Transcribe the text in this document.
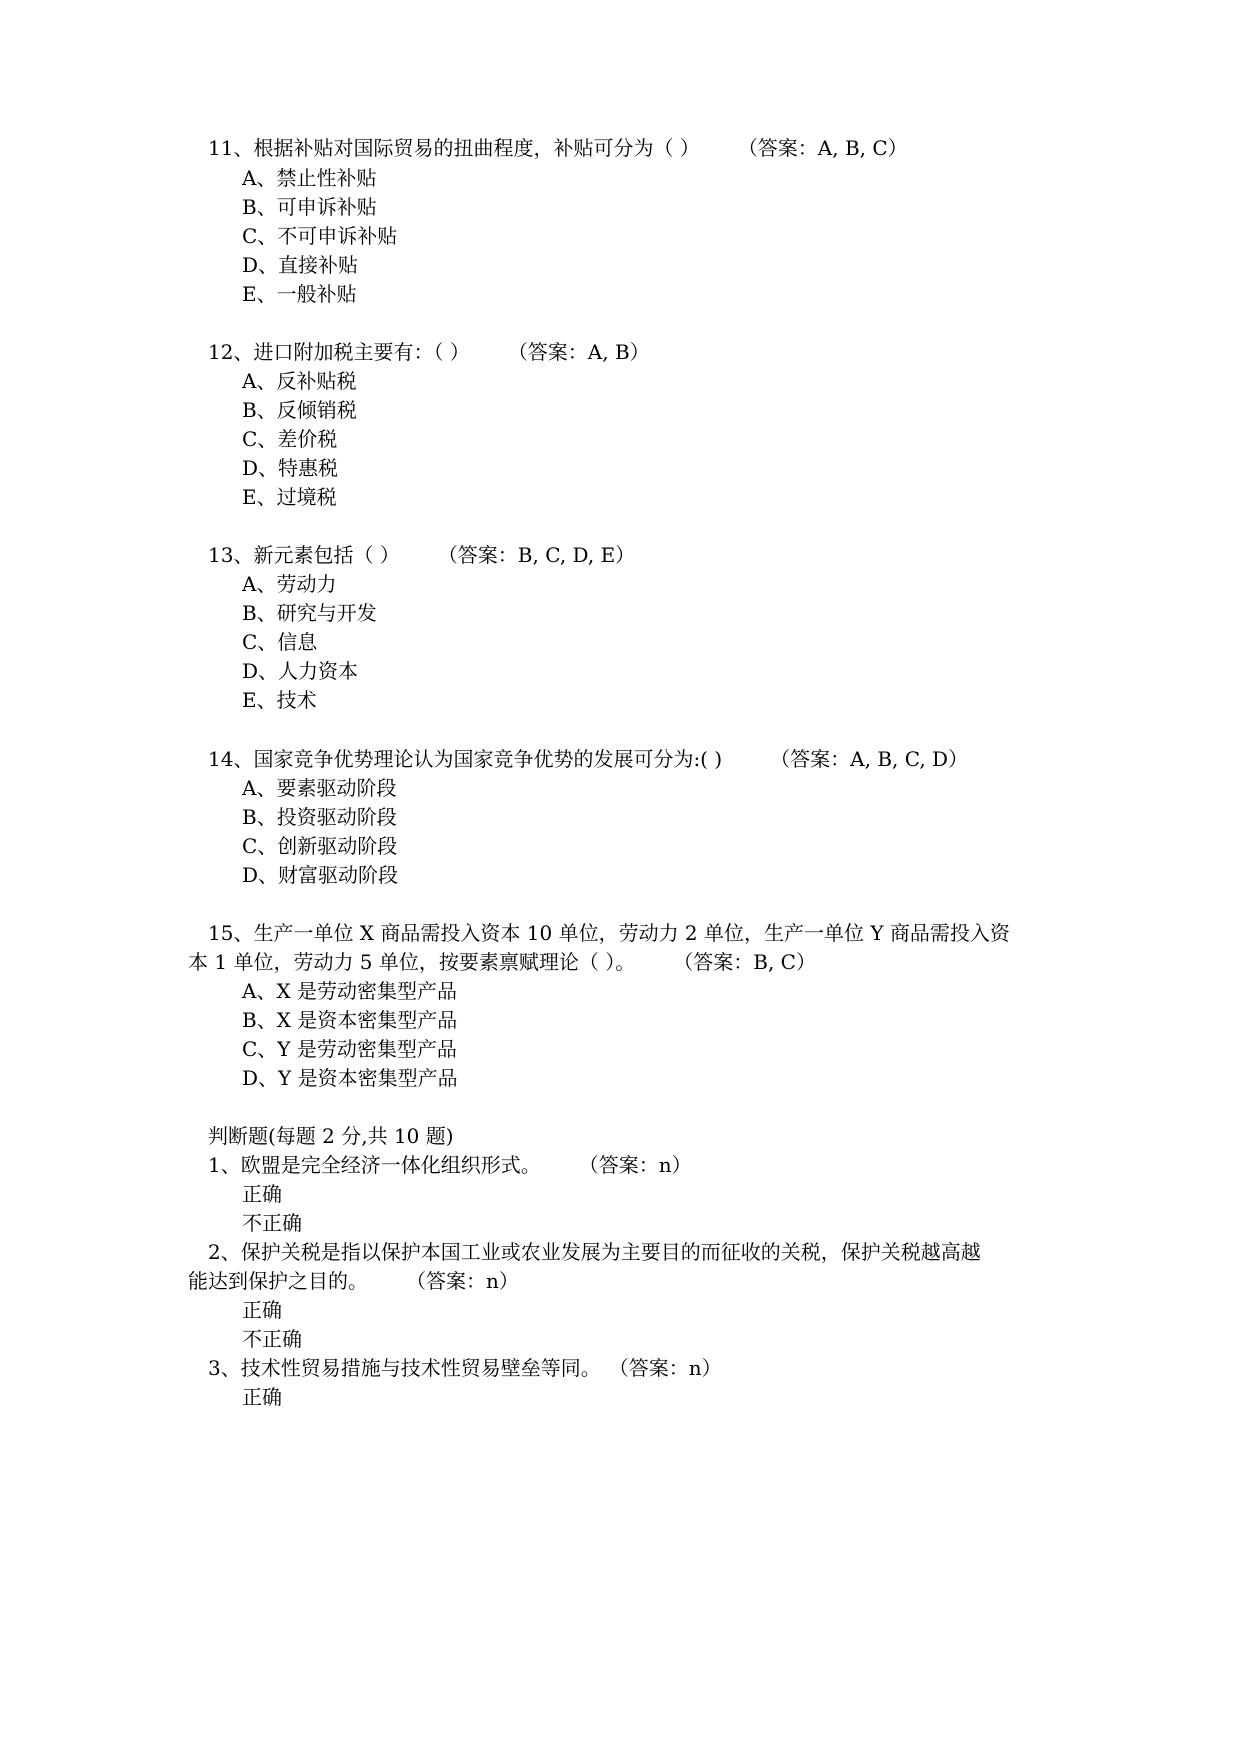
11、根据补贴对国际贸易的扭曲程度，补贴可分为（ ） （答案：A, B, C）
A、禁止性补贴
B、可申诉补贴
C、不可申诉补贴
D、直接补贴
E、一般补贴
12、进口附加税主要有：（ ） （答案：A, B）
A、反补贴税
B、反倾销税
C、差价税
D、特惠税
E、过境税
13、新元素包括（ ） （答案：B, C, D, E）
A、劳动力
B、研究与开发
C、信息
D、人力资本
E、技术
14、国家竞争优势理论认为国家竞争优势的发展可分为:( ) （答案：A, B, C, D）
A、要素驱动阶段
B、投资驱动阶段
C、创新驱动阶段
D、财富驱动阶段
15、生产一单位 X 商品需投入资本 10 单位，劳动力 2 单位，生产一单位 Y 商品需投入资
本 1 单位，劳动力 5 单位，按要素禀赋理论（ ）。 （答案：B, C）
A、X 是劳动密集型产品
B、X 是资本密集型产品
C、Y 是劳动密集型产品
D、Y 是资本密集型产品
判断题(每题 2 分,共 10 题)
1、欧盟是完全经济一体化组织形式。 （答案：n）
正确
不正确
2、保护关税是指以保护本国工业或农业发展为主要目的而征收的关税，保护关税越高越
能达到保护之目的。 （答案：n）
正确
不正确
3、技术性贸易措施与技术性贸易壁垒等同。 （答案：n）
正确
